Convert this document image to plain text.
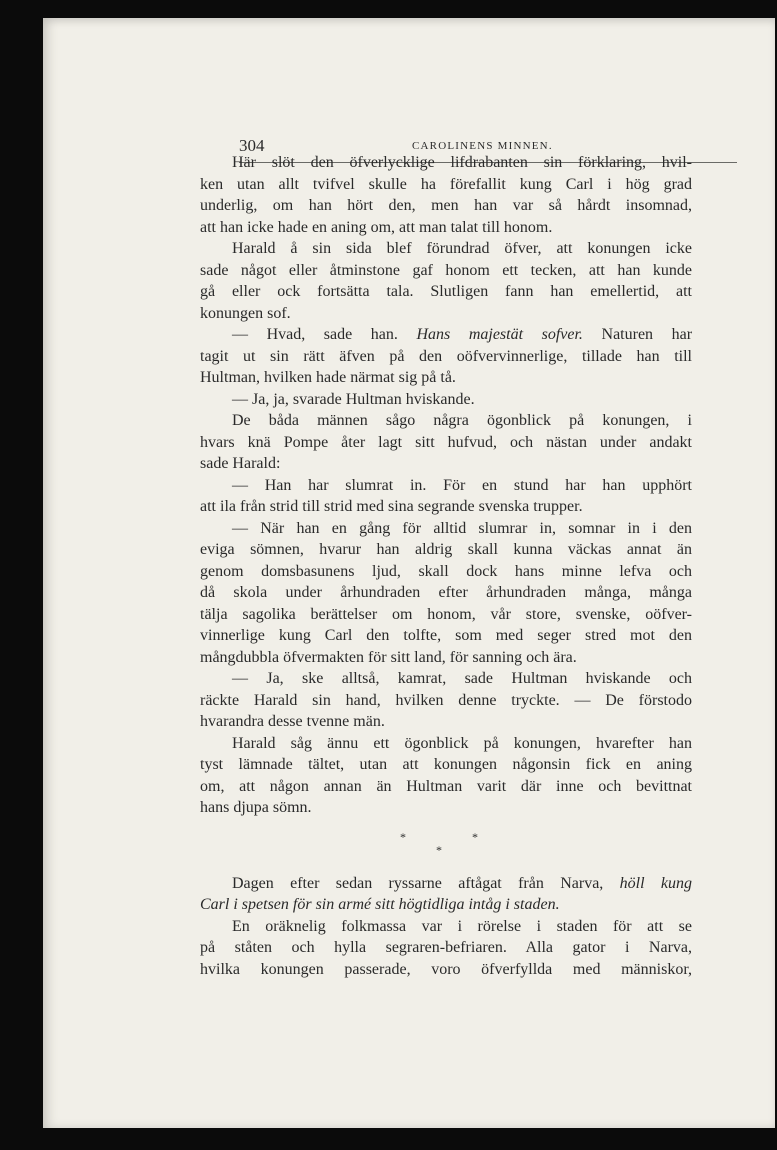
304	CAROLINENS MINNEN.
Här slöt den öfverlycklige lifdrabanten sin förklaring, hvil-
ken utan allt tvifvel skulle ha förefallit kung Carl i hög grad
underlig, om han hört den, men han var så hårdt insomnad,
att han icke hade en aning om, att man talat till honom.
Harald å sin sida blef förundrad öfver, att konungen icke
sade något eller åtminstone gaf honom ett tecken, att han kunde
gå eller ock fortsätta tala. Slutligen fann han emellertid, att
konungen sof.
— Hvad, sade han. Hans majestät sofver. Naturen har
tagit ut sin rätt äfven på den oöfvervinnerlige, tillade han till
Hultman, hvilken hade närmat sig på tå.
— Ja, ja, svarade Hultman hviskande.
De båda männen sågo några ögonblick på konungen, i
hvars knä Pompe åter lagt sitt hufvud, och nästan under andakt
sade Harald:
— Han har slumrat in. För en stund har han upphört
att ila från strid till strid med sina segrande svenska trupper.
— När han en gång för alltid slumrar in, somnar in i den
eviga sömnen, hvarur han aldrig skall kunna väckas annat än
genom domsbasunens ljud, skall dock hans minne lefva och
då skola under århundraden efter århundraden många, många
tälja sagolika berättelser om honom, vår store, svenske, oöfver-
vinnerlige kung Carl den tolfte, som med seger stred mot den
mångdubbla öfvermakten för sitt land, för sanning och ära.
— Ja, ske alltså, kamrat, sade Hultman hviskande och
räckte Harald sin hand, hvilken denne tryckte. — De förstodo
hvarandra desse tvenne män.
Harald såg ännu ett ögonblick på konungen, hvarefter han
tyst lämnade tältet, utan att konungen någonsin fick en aning
om, att någon annan än Hultman varit där inne och bevittnat
hans djupa sömn.
*	*
*
Dagen efter sedan ryssarne aftågat från Narva, höll kung
Carl i spetsen för sin armé sitt högtidliga intåg i staden.
En oräknelig folkmassa var i rörelse i staden för att se
på ståten och hylla segraren-befriaren. Alla gator i Narva,
hvilka konungen passerade, voro öfverfyllda med människor,
